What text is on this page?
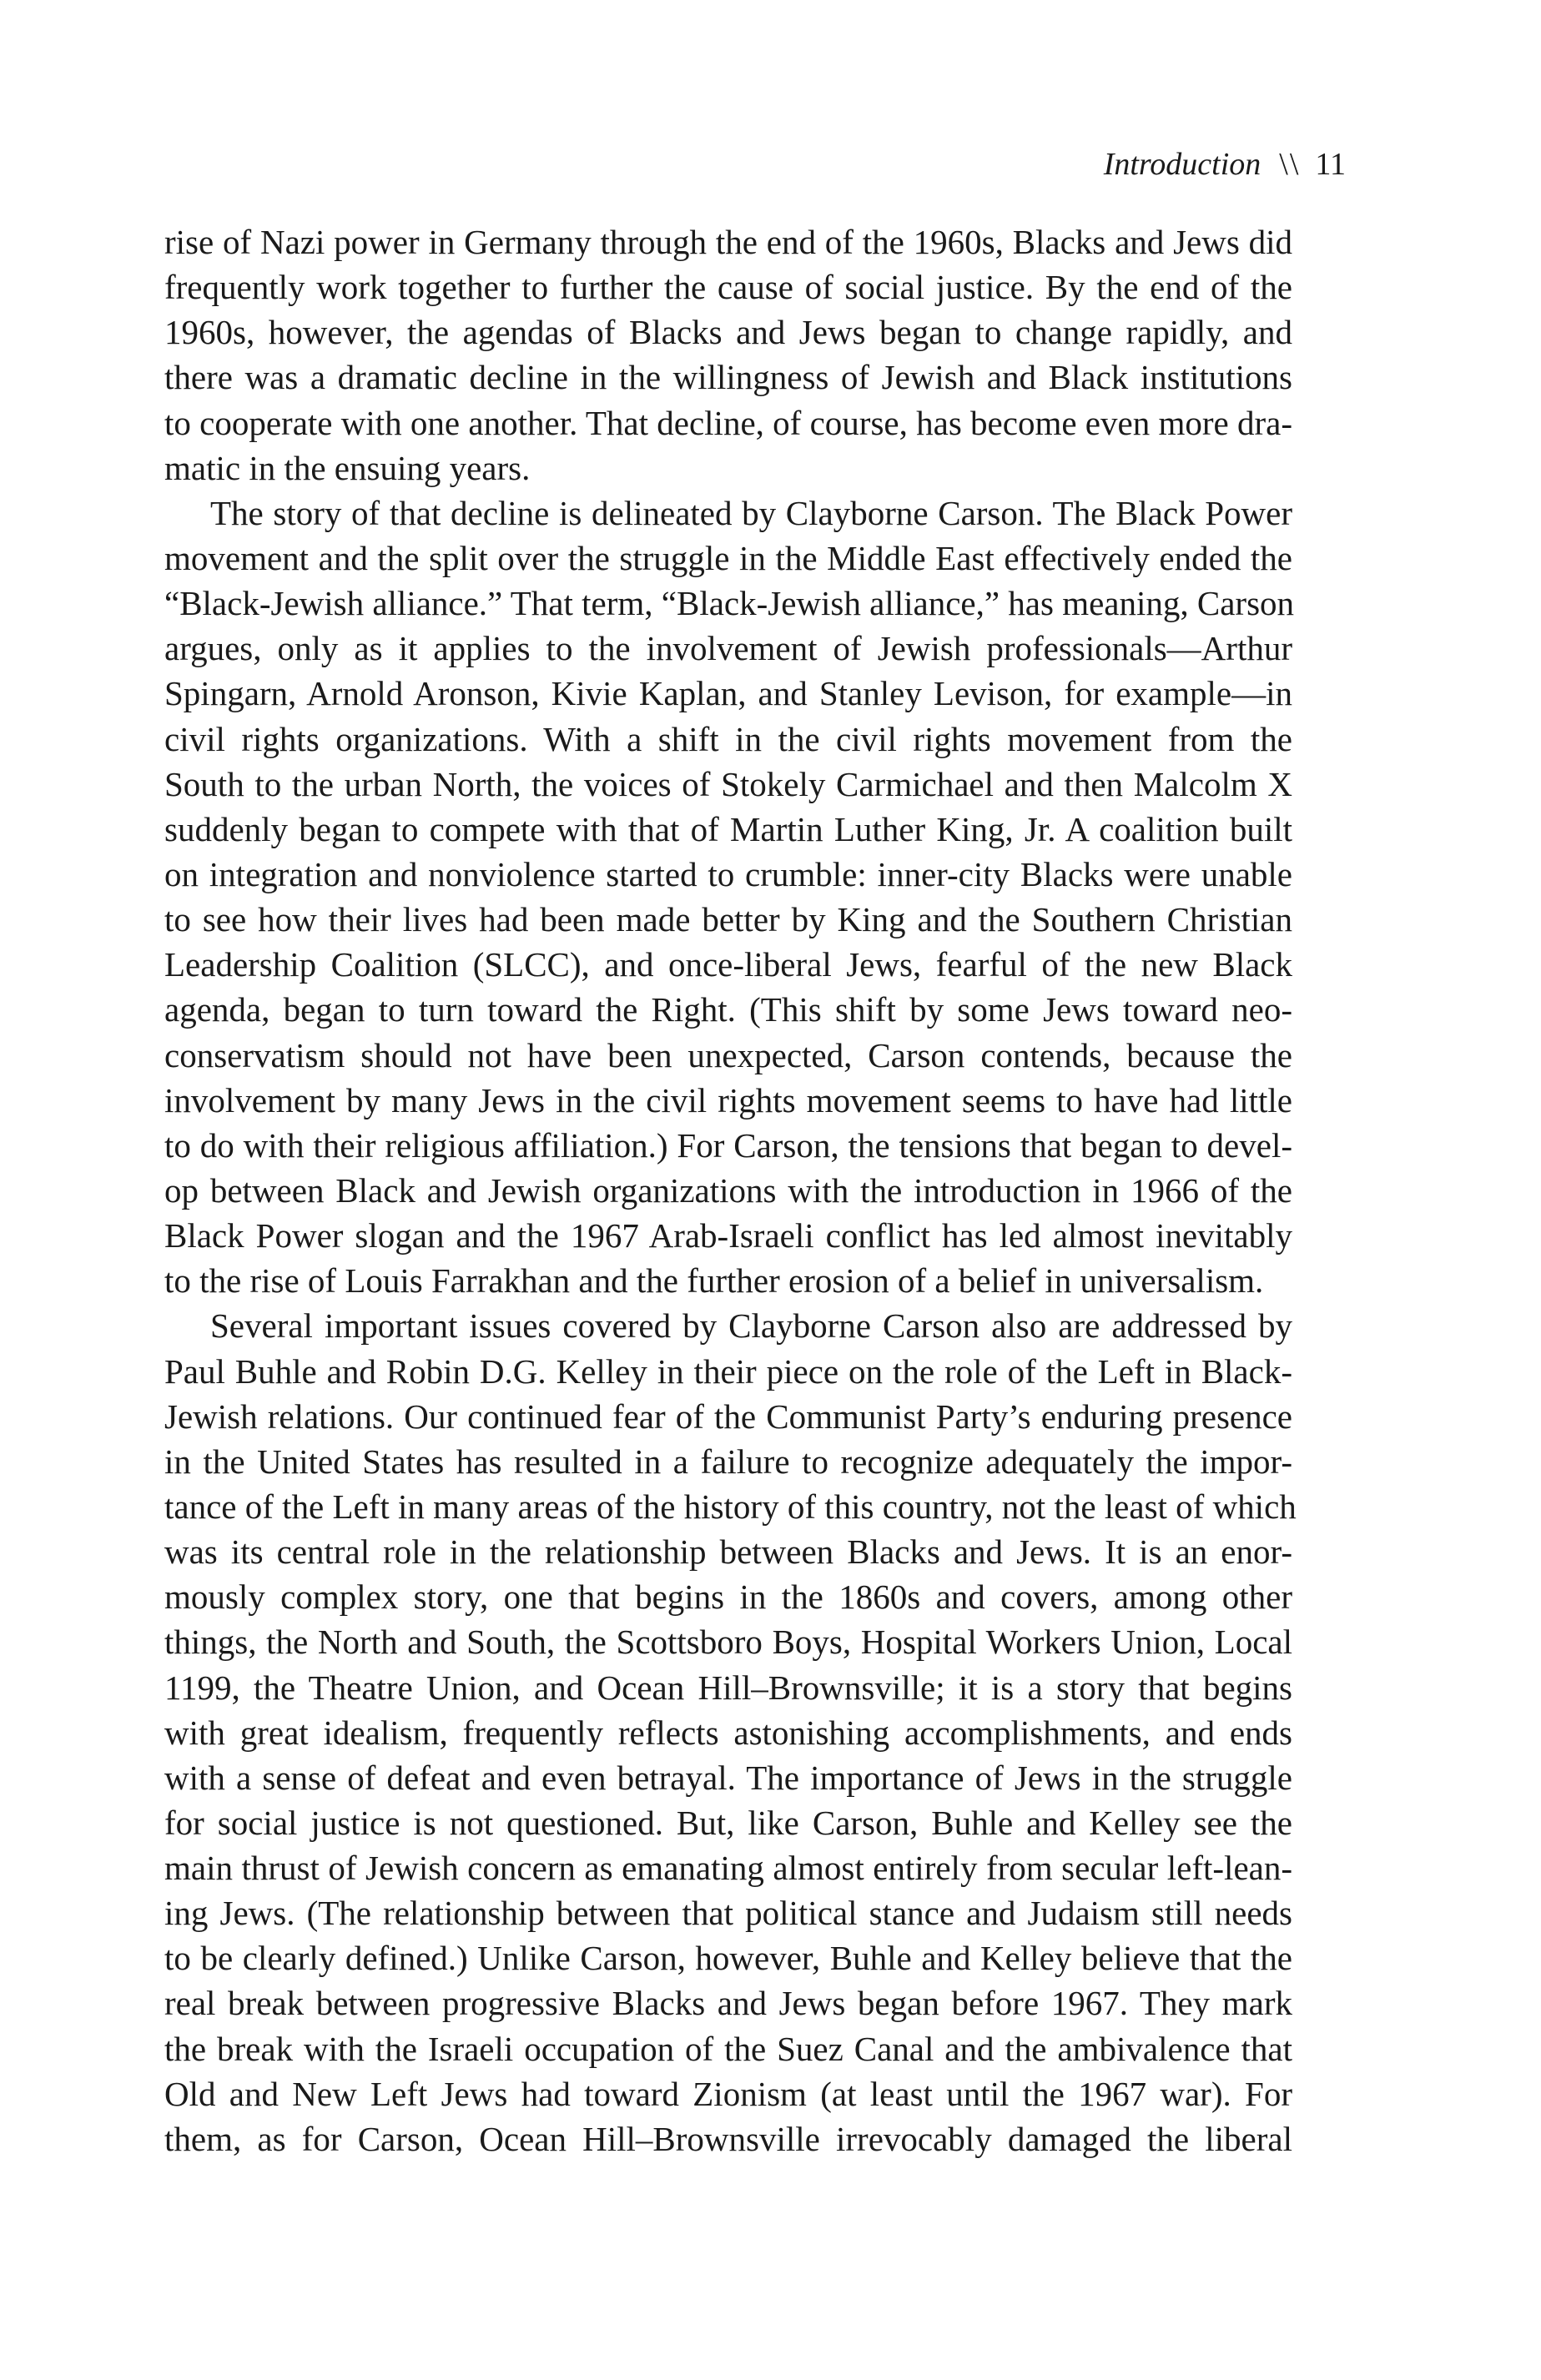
Introduction \\ 11
rise of Nazi power in Germany through the end of the 1960s, Blacks and Jews did
frequently work together to further the cause of social justice. By the end of the
1960s, however, the agendas of Blacks and Jews began to change rapidly, and
there was a dramatic decline in the willingness of Jewish and Black institutions
to cooperate with one another. That decline, of course, has become even more dra-
matic in the ensuing years.
The story of that decline is delineated by Clayborne Carson. The Black Power
movement and the split over the struggle in the Middle East effectively ended the
“Black-Jewish alliance.” That term, “Black-Jewish alliance,” has meaning, Carson
argues, only as it applies to the involvement of Jewish professionals—Arthur
Spingarn, Arnold Aronson, Kivie Kaplan, and Stanley Levison, for example—in
civil rights organizations. With a shift in the civil rights movement from the
South to the urban North, the voices of Stokely Carmichael and then Malcolm X
suddenly began to compete with that of Martin Luther King, Jr. A coalition built
on integration and nonviolence started to crumble: inner-city Blacks were unable
to see how their lives had been made better by King and the Southern Christian
Leadership Coalition (SLCC), and once-liberal Jews, fearful of the new Black
agenda, began to turn toward the Right. (This shift by some Jews toward neo-
conservatism should not have been unexpected, Carson contends, because the
involvement by many Jews in the civil rights movement seems to have had little
to do with their religious affiliation.) For Carson, the tensions that began to devel-
op between Black and Jewish organizations with the introduction in 1966 of the
Black Power slogan and the 1967 Arab-Israeli conflict has led almost inevitably
to the rise of Louis Farrakhan and the further erosion of a belief in universalism.
Several important issues covered by Clayborne Carson also are addressed by
Paul Buhle and Robin D.G. Kelley in their piece on the role of the Left in Black-
Jewish relations. Our continued fear of the Communist Party’s enduring presence
in the United States has resulted in a failure to recognize adequately the impor-
tance of the Left in many areas of the history of this country, not the least of which
was its central role in the relationship between Blacks and Jews. It is an enor-
mously complex story, one that begins in the 1860s and covers, among other
things, the North and South, the Scottsboro Boys, Hospital Workers Union, Local
1199, the Theatre Union, and Ocean Hill–Brownsville; it is a story that begins
with great idealism, frequently reflects astonishing accomplishments, and ends
with a sense of defeat and even betrayal. The importance of Jews in the struggle
for social justice is not questioned. But, like Carson, Buhle and Kelley see the
main thrust of Jewish concern as emanating almost entirely from secular left-lean-
ing Jews. (The relationship between that political stance and Judaism still needs
to be clearly defined.) Unlike Carson, however, Buhle and Kelley believe that the
real break between progressive Blacks and Jews began before 1967. They mark
the break with the Israeli occupation of the Suez Canal and the ambivalence that
Old and New Left Jews had toward Zionism (at least until the 1967 war). For
them, as for Carson, Ocean Hill–Brownsville irrevocably damaged the liberal
